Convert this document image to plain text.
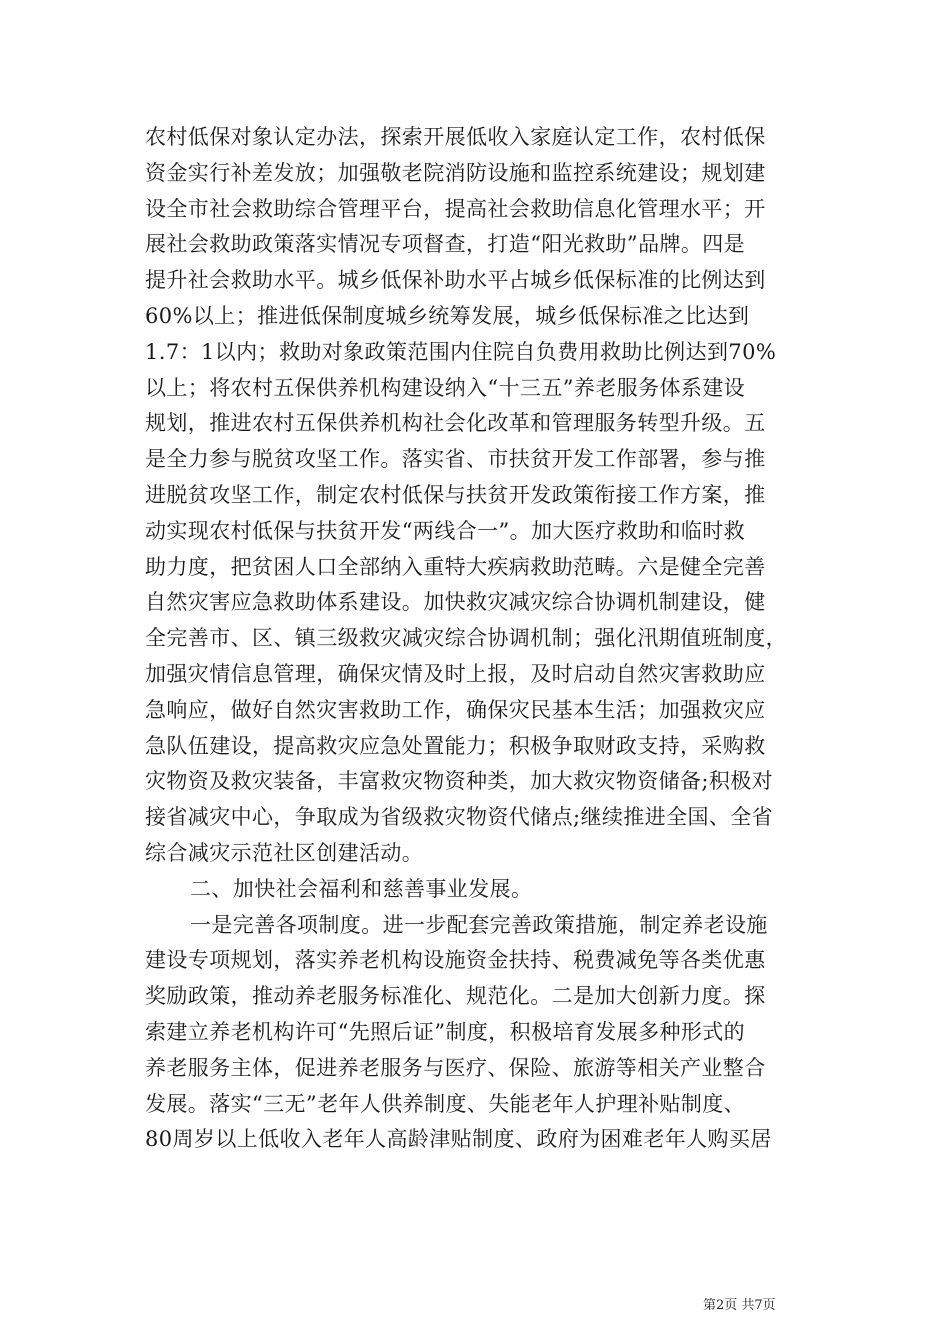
农村低保对象认定办法，探索开展低收入家庭认定工作，农村低保
资金实行补差发放；加强敬老院消防设施和监控系统建设；规划建
设全市社会救助综合管理平台，提高社会救助信息化管理水平；开
展社会救助政策落实情况专项督查，打造“阳光救助”品牌。四是
提升社会救助水平。城乡低保补助水平占城乡低保标准的比例达到
60%以上；推进低保制度城乡统筹发展，城乡低保标准之比达到
1.7：1以内；救助对象政策范围内住院自负费用救助比例达到70%
以上；将农村五保供养机构建设纳入“十三五”养老服务体系建设
规划，推进农村五保供养机构社会化改革和管理服务转型升级。五
是全力参与脱贫攻坚工作。落实省、市扶贫开发工作部署，参与推
进脱贫攻坚工作，制定农村低保与扶贫开发政策衔接工作方案，推
动实现农村低保与扶贫开发“两线合一”。加大医疗救助和临时救
助力度，把贫困人口全部纳入重特大疾病救助范畴。六是健全完善
自然灾害应急救助体系建设。加快救灾减灾综合协调机制建设，健
全完善市、区、镇三级救灾减灾综合协调机制；强化汛期值班制度，
加强灾情信息管理，确保灾情及时上报，及时启动自然灾害救助应
急响应，做好自然灾害救助工作，确保灾民基本生活；加强救灾应
急队伍建设，提高救灾应急处置能力；积极争取财政支持，采购救
灾物资及救灾装备，丰富救灾物资种类，加大救灾物资储备;积极对
接省减灾中心，争取成为省级救灾物资代储点;继续推进全国、全省
综合减灾示范社区创建活动。
二、加快社会福利和慈善事业发展。
一是完善各项制度。进一步配套完善政策措施，制定养老设施
建设专项规划，落实养老机构设施资金扶持、税费减免等各类优惠
奖励政策，推动养老服务标准化、规范化。二是加大创新力度。探
索建立养老机构许可“先照后证”制度，积极培育发展多种形式的
养老服务主体，促进养老服务与医疗、保险、旅游等相关产业整合
发展。落实“三无”老年人供养制度、失能老年人护理补贴制度、
80周岁以上低收入老年人高龄津贴制度、政府为困难老年人购买居
第2页 共7页
